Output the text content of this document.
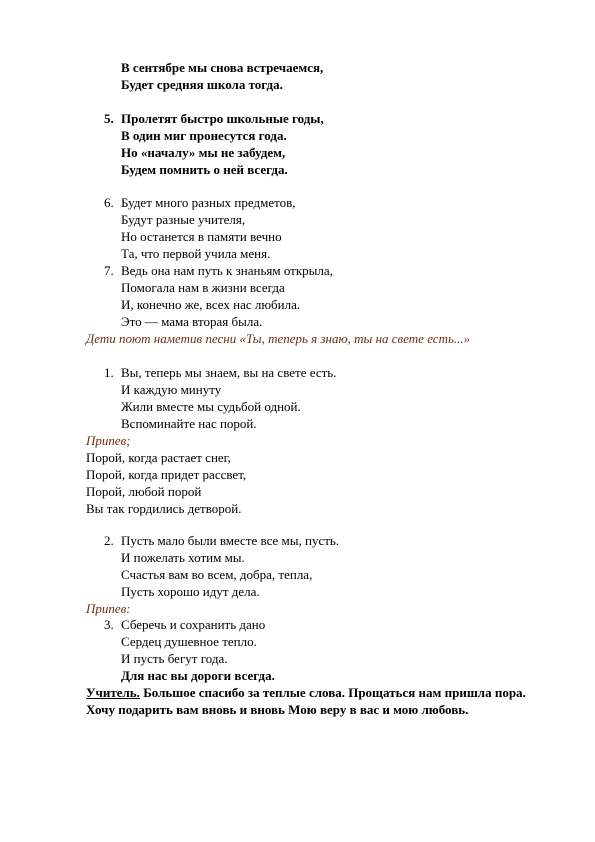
В сентябре мы снова встречаемся,
Будет средняя школа тогда.
5. Пролетят быстро школьные годы,
В один миг пронесутся года.
Но «началу» мы не забудем,
Будем помнить о ней всегда.
6. Будет много разных предметов,
Будут разные учителя,
Но останется в памяти вечно
Та, что первой учила меня.
7. Ведь она нам путь к знаньям открыла,
Помогала нам в жизни всегда
И, конечно же, всех нас любила.
Это — мама вторая была.
Дети поют наметив песни «Ты, теперь я знаю, ты на свете есть...»
1. Вы, теперь мы знаем, вы на свете есть.
И каждую минуту
Жили вместе мы судьбой одной.
Вспоминайте нас порой.
Припев;
Порой, когда растает снег,
Порой, когда придет рассвет,
Порой, любой порой
Вы так гордились детворой.
2. Пусть мало были вместе все мы, пусть.
И пожелать хотим мы.
Счастья вам во всем, добра, тепла,
Пусть хорошо идут дела.
Припев:
3. Сберечь и сохранить дано
Сердец душевное тепло.
И пусть бегут года.
Для нас вы дороги всегда.
Учитель. Большое спасибо за теплые слова. Прощаться нам пришла пора.
Хочу подарить вам вновь и вновь Мою веру в вас и мою любовь.
